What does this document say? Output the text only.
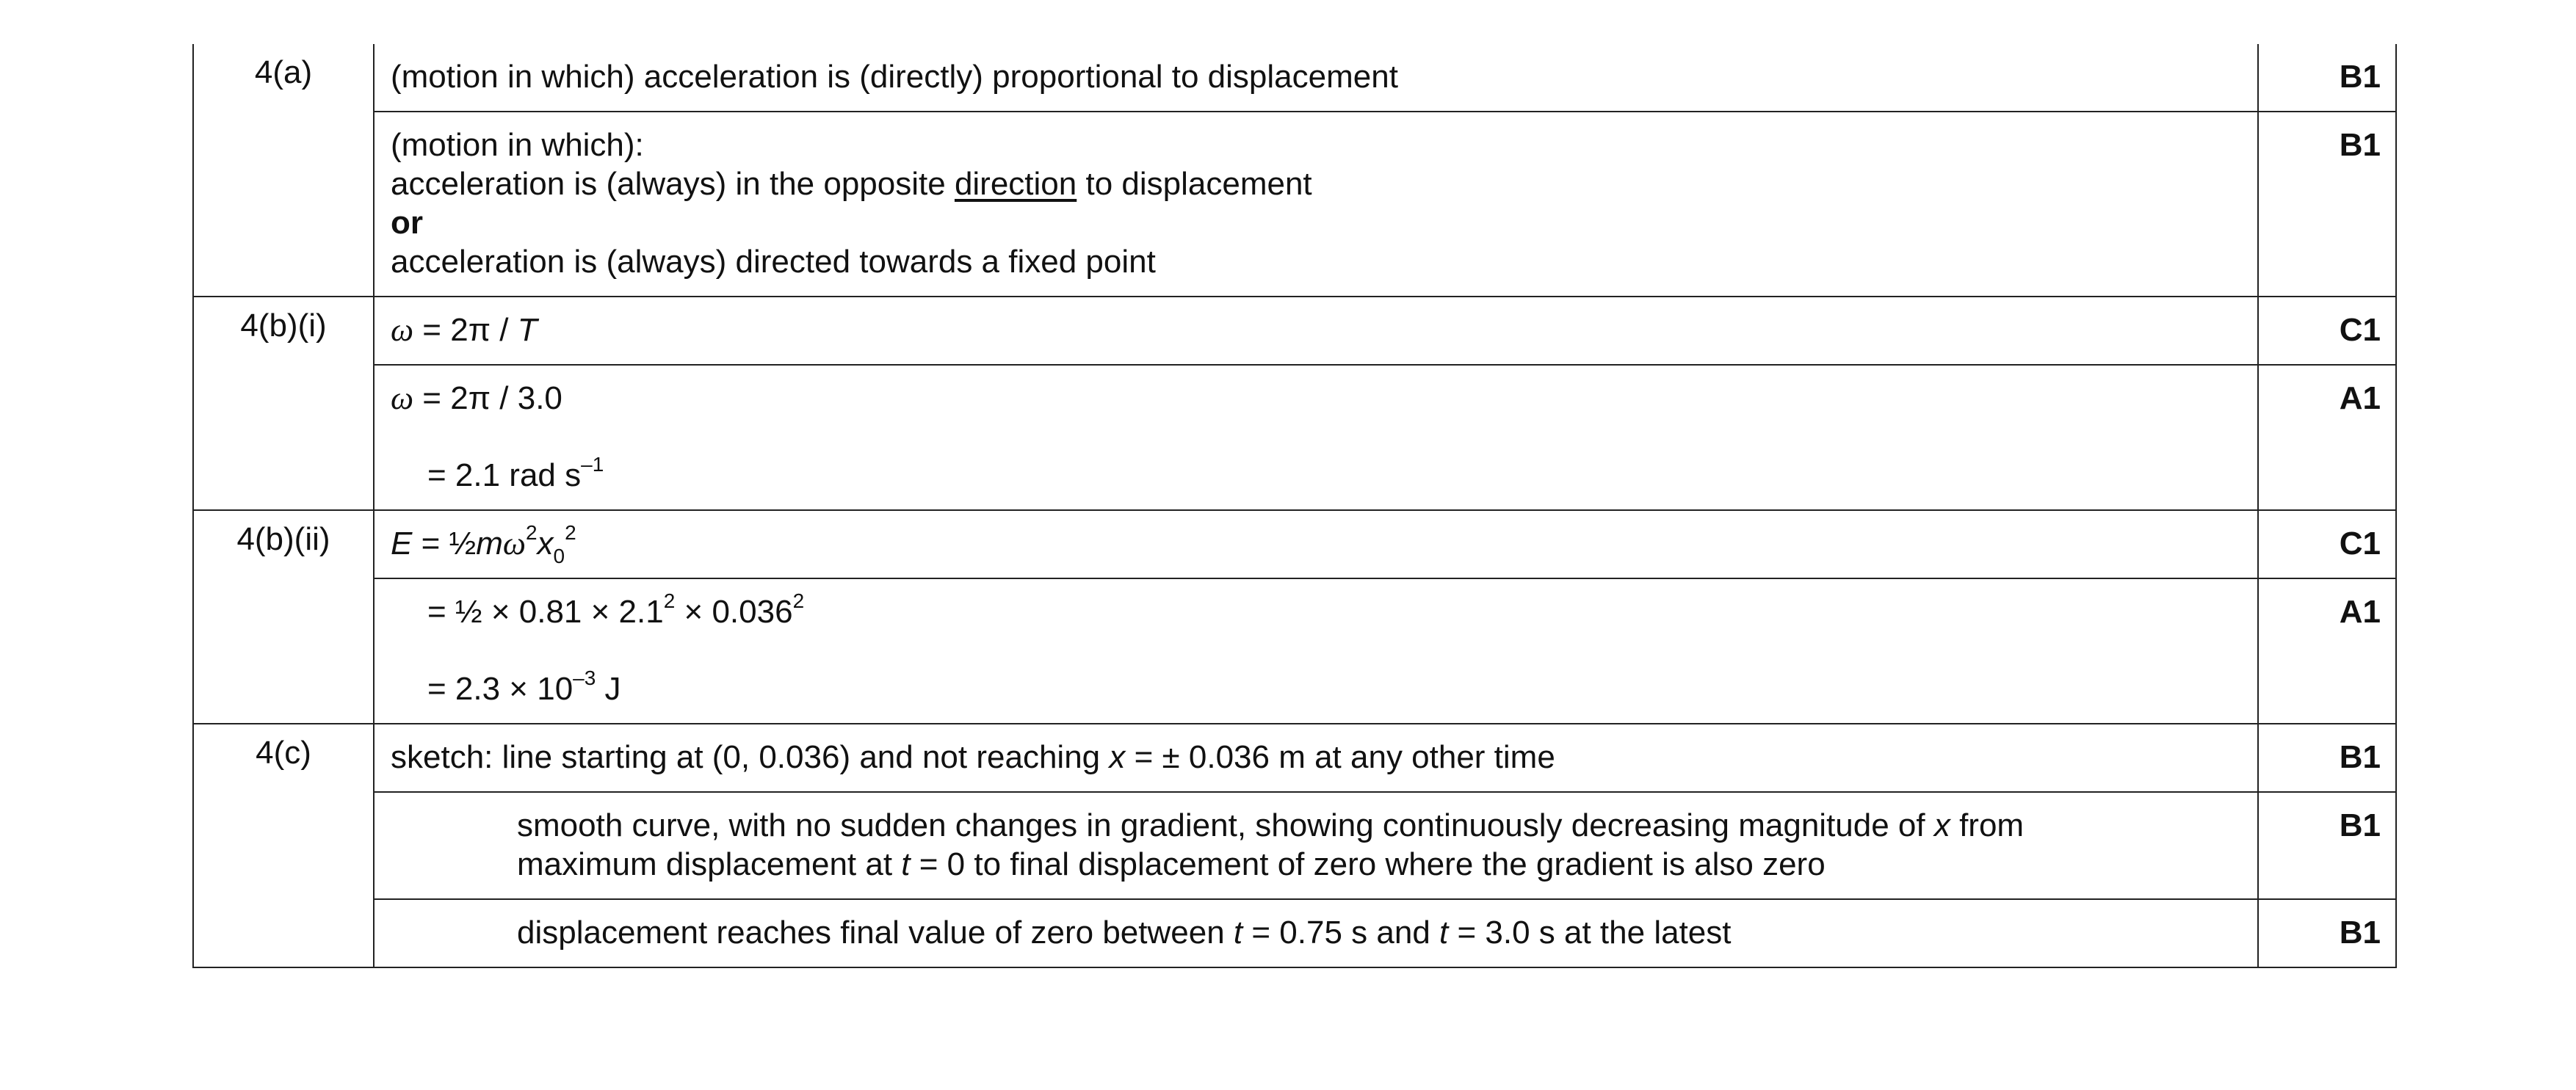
4(a)	(motion in which) acceleration is (directly) proportional to displacement	B1

	(motion in which):
acceleration is (always) in the opposite direction to displacement
or
acceleration is (always) directed towards a fixed point	B1
4(b)(i)	ω = 2π / T	C1

	ω = 2π / 3.0
= 2.1 rad $s^{-1}$	A1
4(b)(ii)	$E = \frac{1}{2}m\omega^2x_0^2$	C1

	= ½ × $0.81 \times 2.1^2 \times 0.036^2$
= $2.3 \times 10^{-3}$ J	A1
4(c)	sketch: line starting at (0, 0.036) and not reaching x = ± 0.036 m at any other time	B1

	smooth curve, with no sudden changes in gradient, showing continuously decreasing magnitude of x from
maximum displacement at t = 0 to final displacement of zero where the gradient is also zero	B1

	displacement reaches final value of zero between t = 0.75 s and t = 3.0 s at the latest	B1
